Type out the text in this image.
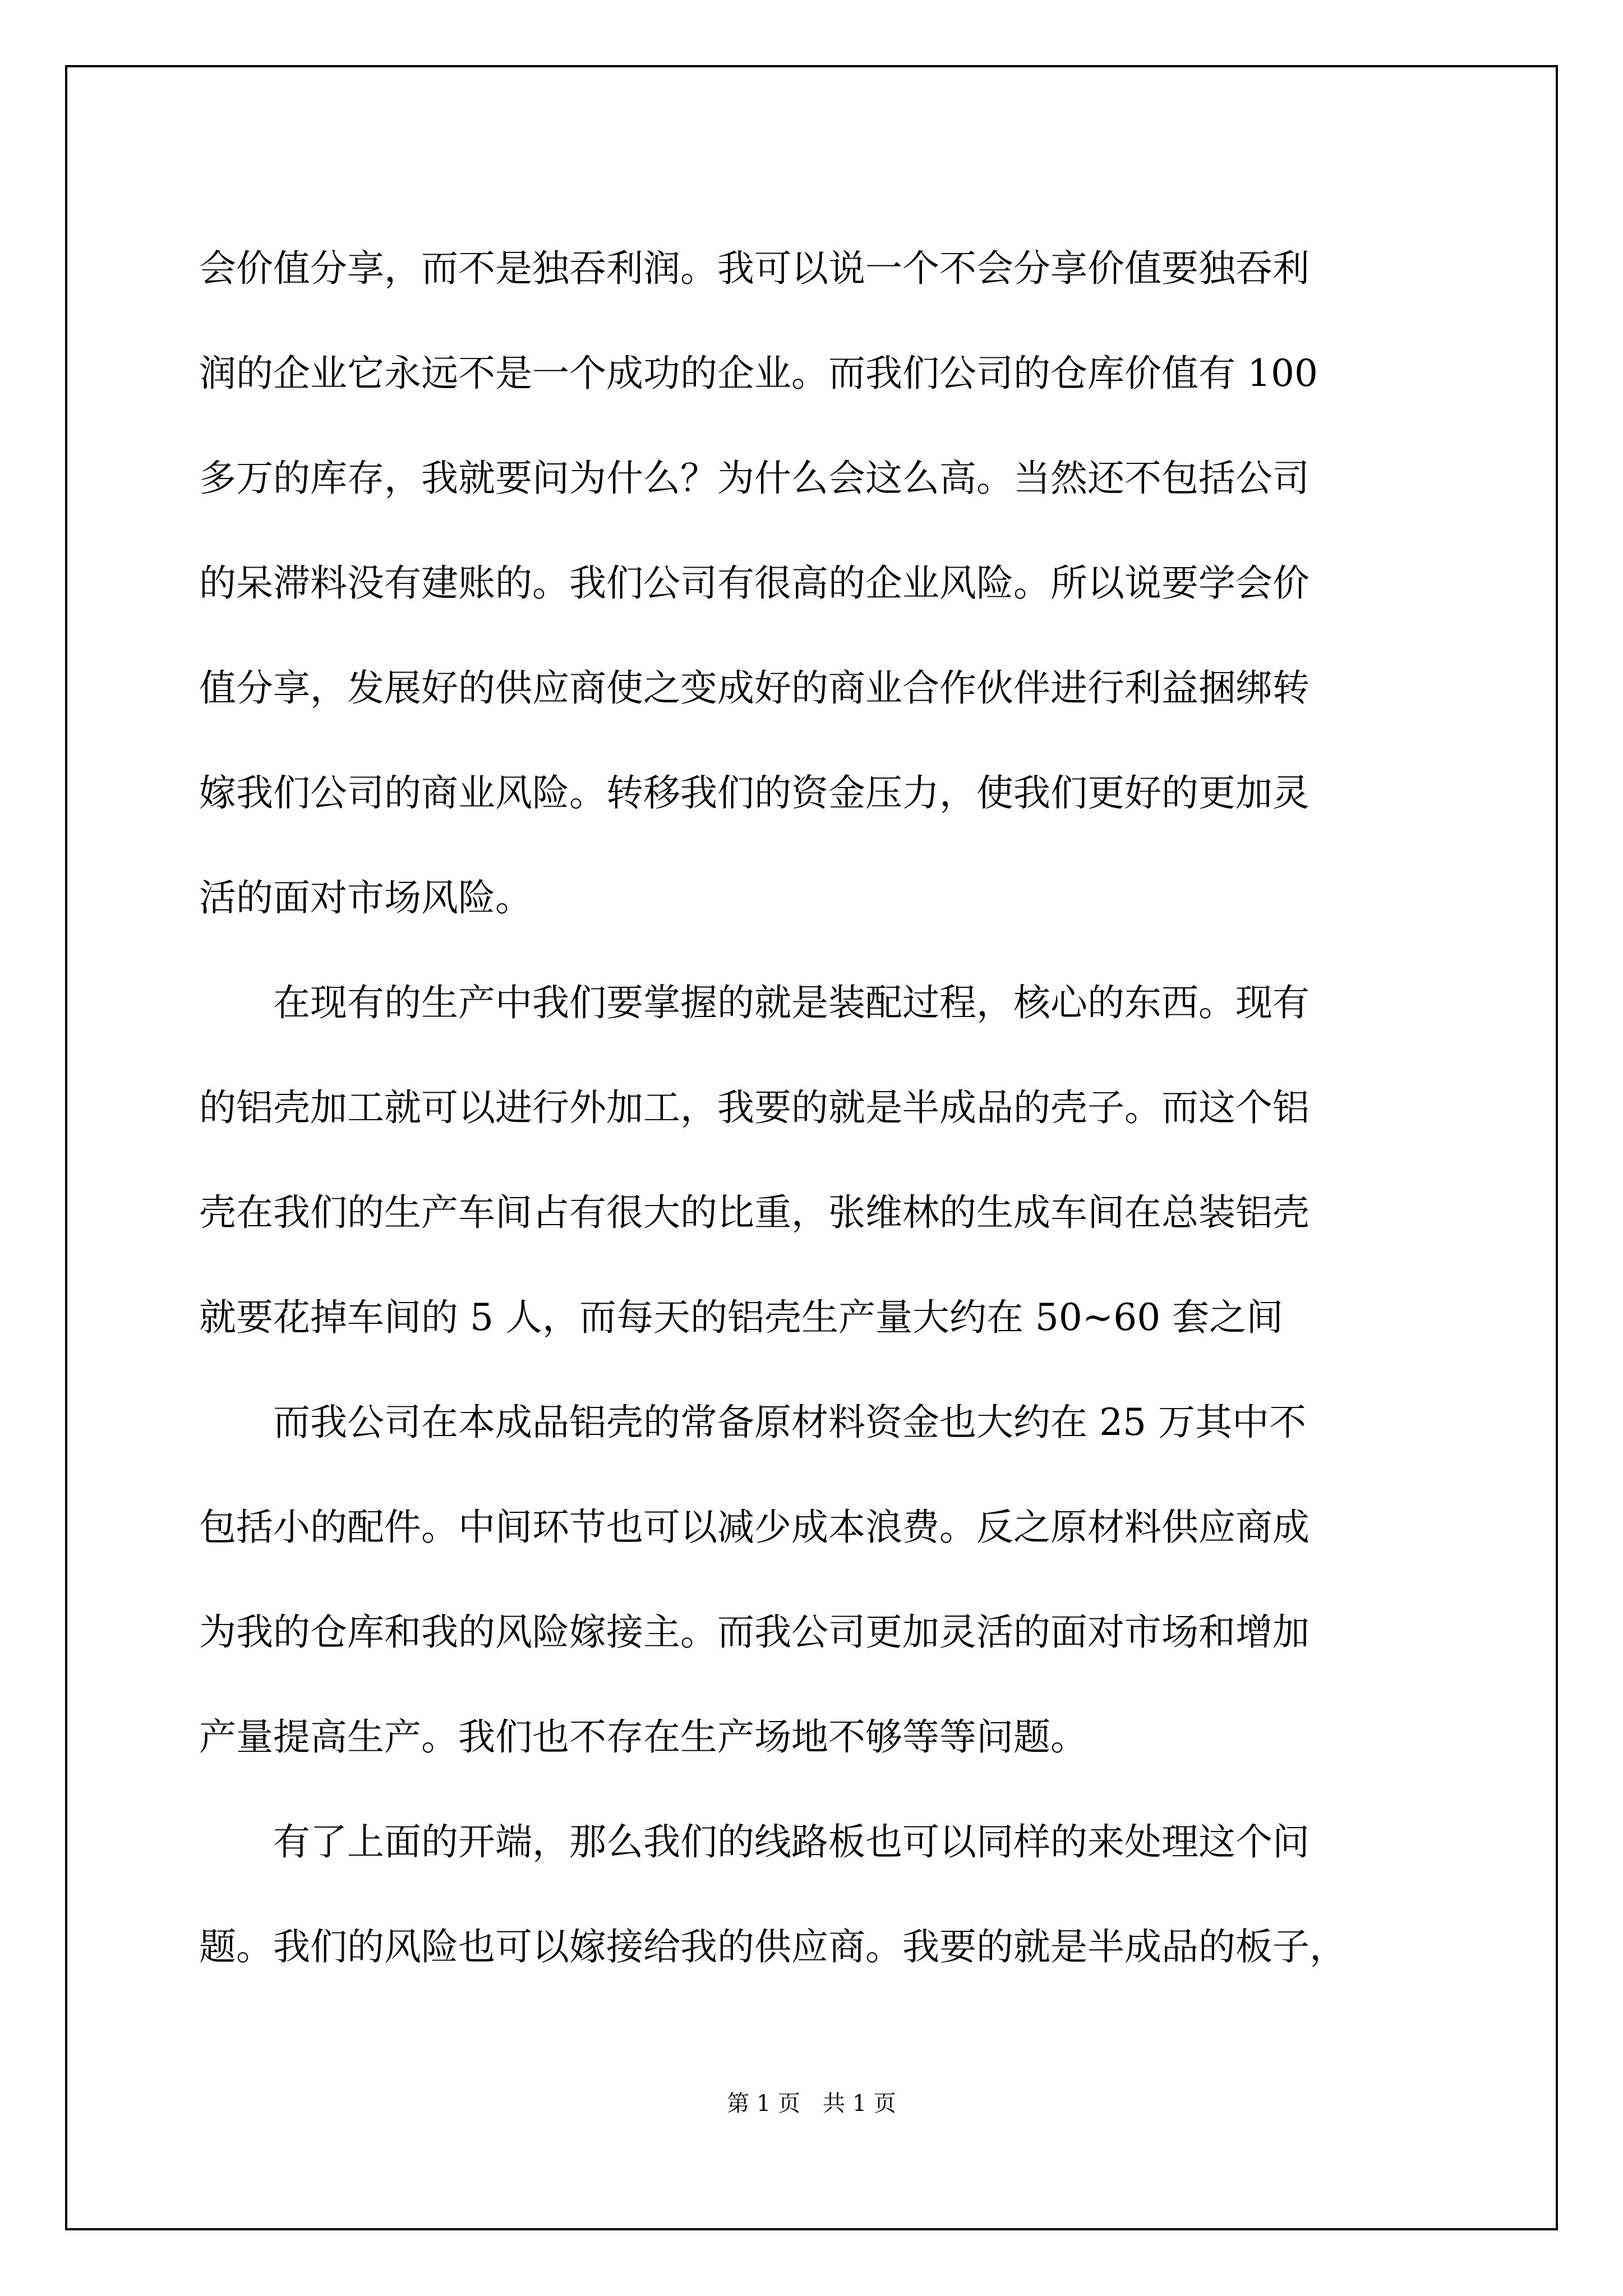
会价值分享，而不是独吞利润。我可以说一个不会分享价值要独吞利
润的企业它永远不是一个成功的企业。而我们公司的仓库价值有 100
多万的库存，我就要问为什么？为什么会这么高。当然还不包括公司
的呆滞料没有建账的。我们公司有很高的企业风险。所以说要学会价
值分享，发展好的供应商使之变成好的商业合作伙伴进行利益捆绑转
嫁我们公司的商业风险。转移我们的资金压力，使我们更好的更加灵
活的面对市场风险。
　　在现有的生产中我们要掌握的就是装配过程，核心的东西。现有
的铝壳加工就可以进行外加工，我要的就是半成品的壳子。而这个铝
壳在我们的生产车间占有很大的比重，张维林的生成车间在总装铝壳
就要花掉车间的 5 人，而每天的铝壳生产量大约在 50~60 套之间
　　而我公司在本成品铝壳的常备原材料资金也大约在 25 万其中不
包括小的配件。中间环节也可以减少成本浪费。反之原材料供应商成
为我的仓库和我的风险嫁接主。而我公司更加灵活的面对市场和增加
产量提高生产。我们也不存在生产场地不够等等问题。
　　有了上面的开端，那么我们的线路板也可以同样的来处理这个问
题。我们的风险也可以嫁接给我的供应商。我要的就是半成品的板子，
第 1 页 共 1 页
